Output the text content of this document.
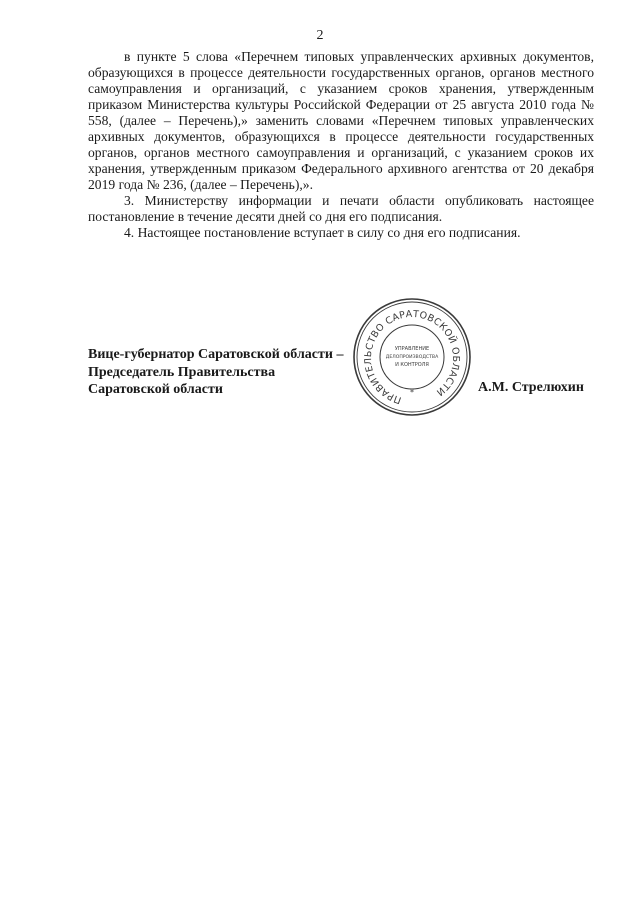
2

в пункте 5 слова «Перечнем типовых управленческих архивных документов, образующихся в процессе деятельности государственных органов, органов местного самоуправления и организаций, с указанием сроков хранения, утвержденным приказом Министерства культуры Российской Федерации от 25 августа 2010 года № 558, (далее – Перечень),» заменить словами «Перечнем типовых управленческих архивных документов, образующихся в процессе деятельности государственных органов, органов местного самоуправления и организаций, с указанием сроков их хранения, утвержденным приказом Федерального архивного агентства от 20 декабря 2019 года № 236, (далее – Перечень),».

3. Министерству информации и печати области опубликовать настоящее постановление в течение десяти дней со дня его подписания.

4. Настоящее постановление вступает в силу со дня его подписания.

Вице-губернатор Саратовской области –
Председатель Правительства
Саратовской области
ПРАВИТЕЛЬСТВО САРАТОВСКОЙ ОБЛАСТИ
*
УПРАВЛЕНИЕ
ДЕЛОПРОИЗВОДСТВА
И КОНТРОЛЯ
А.М. Стрелюхин
